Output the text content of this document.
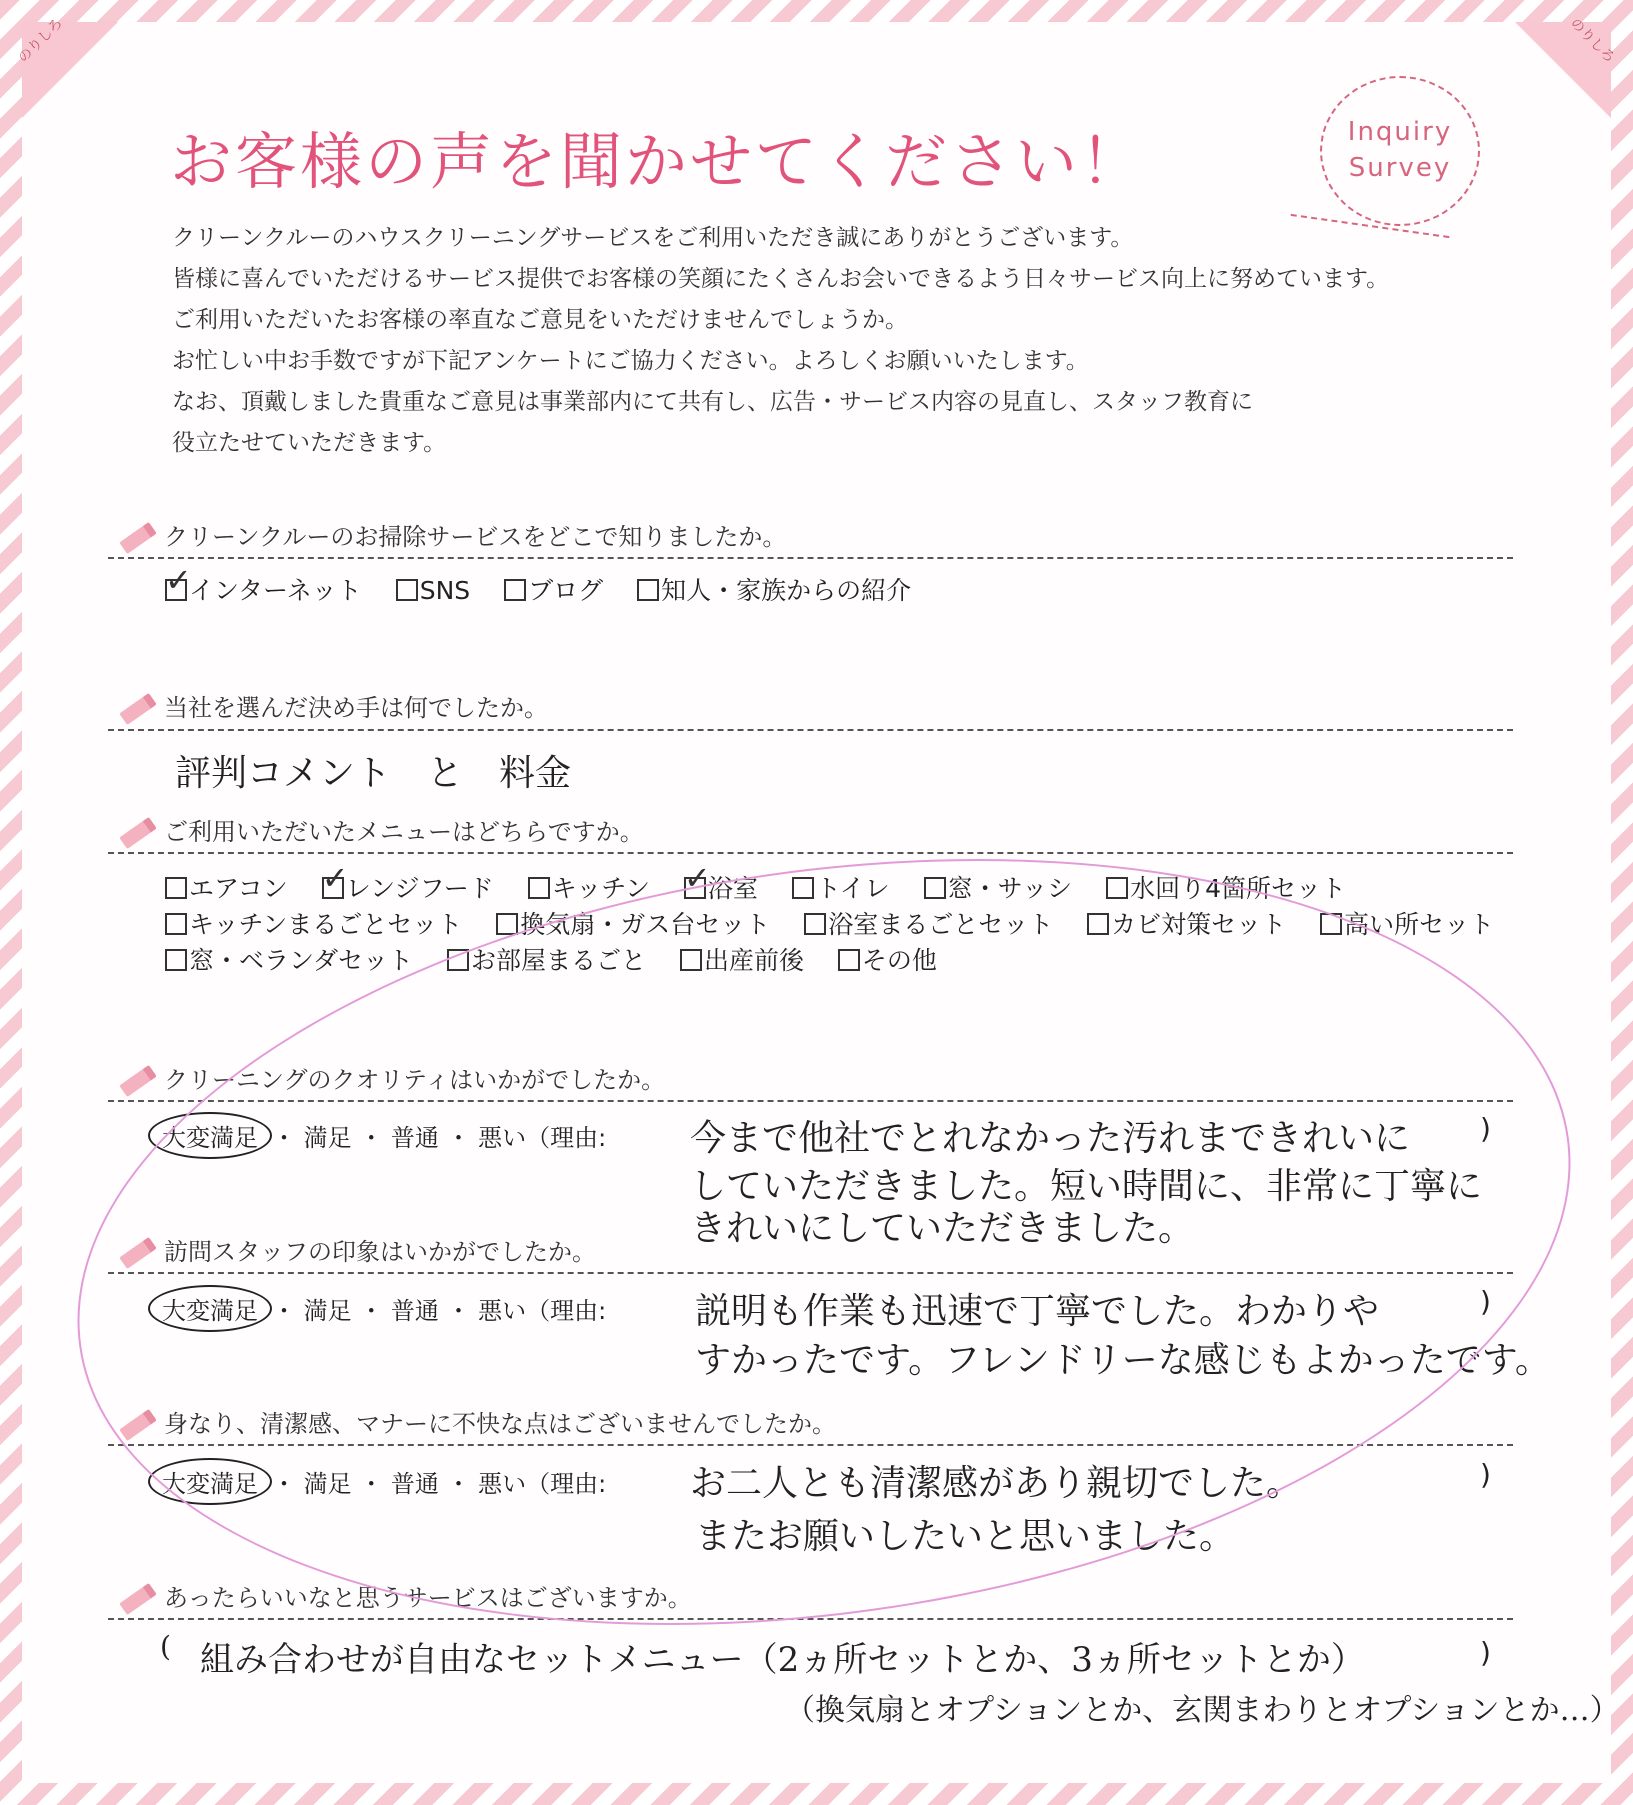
のりしろ	のりしろ
お客様の声を聞かせてください！	Inquiry
Survey
クリーンクルーのハウスクリーニングサービスをご利用いただき誠にありがとうございます。
皆様に喜んでいただけるサービス提供でお客様の笑顔にたくさんお会いできるよう日々サービス向上に努めています。
ご利用いただいたお客様の率直なご意見をいただけませんでしょうか。
お忙しい中お手数ですが下記アンケートにご協力ください。よろしくお願いいたします。
なお、頂戴しました貴重なご意見は事業部内にて共有し、広告・サービス内容の見直し、スタッフ教育に
役立たせていただきます。
クリーンクルーのお掃除サービスをどこで知りましたか。
✓インターネット SNS ブログ 知人・家族からの紹介
当社を選んだ決め手は何でしたか。
評判コメント　と　料金
ご利用いただいたメニューはどちらですか。
エアコン ✓ レンジフード キッチン ✓ 浴室 トイレ 窓・サッシ 水回り4箇所セット
キッチンまるごとセット 換気扇・ガス台セット 浴室まるごとセット カビ対策セット 高い所セット
窓・ベランダセット お部屋まるごと 出産前後 その他
クリーニングのクオリティはいかがでしたか。
大変満足 ・ 満足 ・ 普通 ・ 悪い（理由: 今まで他社でとれなかった汚れまできれいに
していただきました。短い時間に、非常に丁寧に
きれいにしていただきました。
)
訪問スタッフの印象はいかがでしたか。
大変満足 ・ 満足 ・ 普通 ・ 悪い（理由: 説明も作業も迅速で丁寧でした。わかりや
すかったです。フレンドリーな感じもよかったです。
)
身なり、清潔感、マナーに不快な点はございませんでしたか。
大変満足 ・ 満足 ・ 普通 ・ 悪い（理由: お二人とも清潔感があり親切でした。
またお願いしたいと思いました。
)
あったらいいなと思うサービスはございますか。
( 組み合わせが自由なセットメニュー（2ヵ所セットとか、3ヵ所セットとか）
（換気扇とオプションとか、玄関まわりとオプションとか…）
)
